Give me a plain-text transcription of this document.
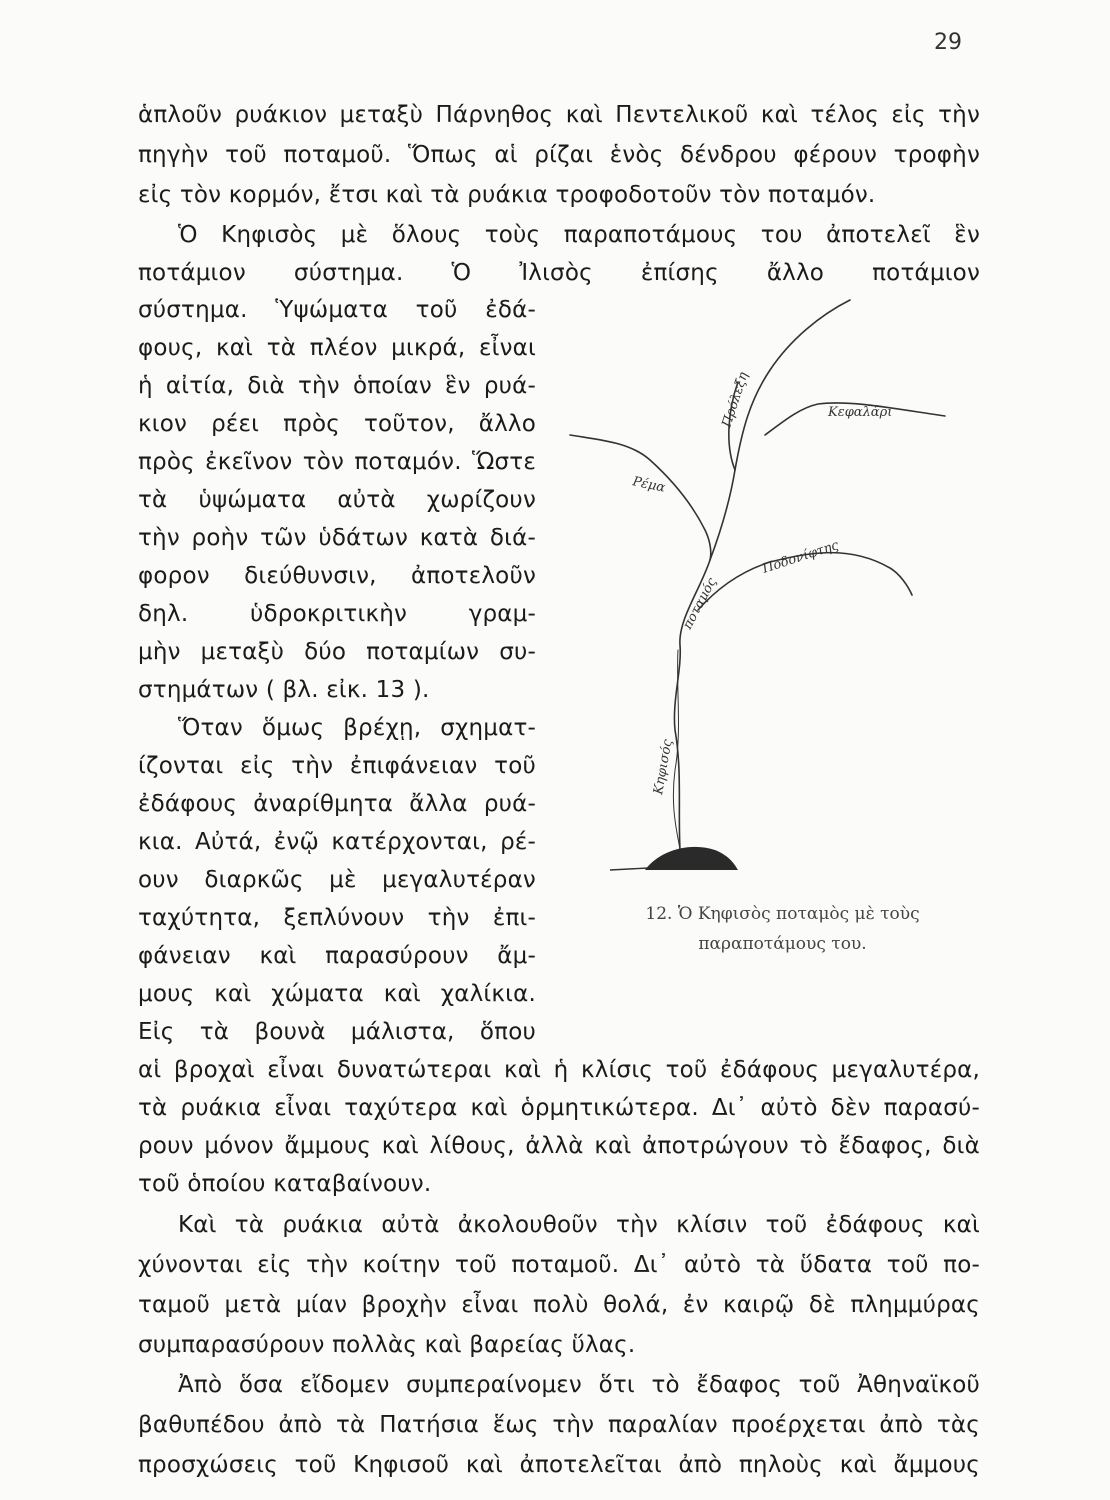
29
ἁπλοῦν ρυάκιον μεταξὺ Πάρνηθος καὶ Πεντελικοῦ καὶ τέλος εἰς τὴν
πηγὴν τοῦ ποταμοῦ. Ὅπως αἱ ρίζαι ἑνὸς δένδρου φέρουν τροφὴν
εἰς τὸν κορμόν, ἔτσι καὶ τὰ ρυάκια τροφοδοτοῦν τὸν ποταμόν.
Ὁ Κηφισὸς μὲ ὅλους τοὺς παραποτάμους του ἀποτελεῖ ἓν
ποτάμιον σύστημα. Ὁ Ἰλισὸς ἐπίσης ἄλλο ποτάμιον
σύστημα. Ὑψώματα τοῦ ἐδά-
φους, καὶ τὰ πλέον μικρά, εἶναι
ἡ αἰτία, διὰ τὴν ὁποίαν ἓν ρυά-
κιον ρέει πρὸς τοῦτον, ἄλλο
πρὸς ἐκεῖνον τὸν ποταμόν. Ὥστε
τὰ ὑψώματα αὐτὰ χωρίζουν
τὴν ροὴν τῶν ὑδάτων κατὰ διά-
φορον διεύθυνσιν, ἀποτελοῦν
δηλ. ὑδροκριτικὴν γραμ-
μὴν μεταξὺ δύο ποταμίων συ-
στημάτων ( βλ. εἰκ. 13 ).
Ὅταν ὅμως βρέχῃ, σχηματ-
ίζονται εἰς τὴν ἐπιφάνειαν τοῦ
ἐδάφους ἀναρίθμητα ἄλλα ρυά-
κια. Αὐτά, ἐνῷ κατέρχονται, ρέ-
ουν διαρκῶς μὲ μεγαλυτέραν
ταχύτητα, ξεπλύνουν τὴν ἐπι-
φάνειαν καὶ παρασύρουν ἄμ-
μους καὶ χώματα καὶ χαλίκια.
Εἰς τὰ βουνὰ μάλιστα, ὅπου
αἱ βροχαὶ εἶναι δυνατώτεραι καὶ ἡ κλίσις τοῦ ἐδάφους μεγαλυτέρα,
τὰ ρυάκια εἶναι ταχύτερα καὶ ὁρμητικώτερα. Δι᾽ αὐτὸ δὲν παρασύ-
ρουν μόνον ἄμμους καὶ λίθους, ἀλλὰ καὶ ἀποτρώγουν τὸ ἔδαφος, διὰ
τοῦ ὁποίου καταβαίνουν.
Καὶ τὰ ρυάκια αὐτὰ ἀκολουθοῦν τὴν κλίσιν τοῦ ἐδάφους καὶ
χύνονται εἰς τὴν κοίτην τοῦ ποταμοῦ. Δι᾽ αὐτὸ τὰ ὕδατα τοῦ πο-
ταμοῦ μετὰ μίαν βροχὴν εἶναι πολὺ θολά, ἐν καιρῷ δὲ πλημμύρας
συμπαρασύρουν πολλὰς καὶ βαρείας ὕλας.
Ἀπὸ ὅσα εἴδομεν συμπεραίνομεν ὅτι τὸ ἔδαφος τοῦ Ἀθηναϊκοῦ
βαθυπέδου ἀπὸ τὰ Πατήσια ἕως τὴν παραλίαν προέρχεται ἀπὸ τὰς
προσχώσεις τοῦ Κηφισοῦ καὶ ἀποτελεῖται ἀπὸ πηλοὺς καὶ ἄμμους
Κεφαλάρι
Ρέμα
Πρόλεξη
Ποδονίφτης
ποταμός
Κηφισός
12. Ὁ Κηφισὸς ποταμὸς μὲ τοὺς
παραποτάμους του.
